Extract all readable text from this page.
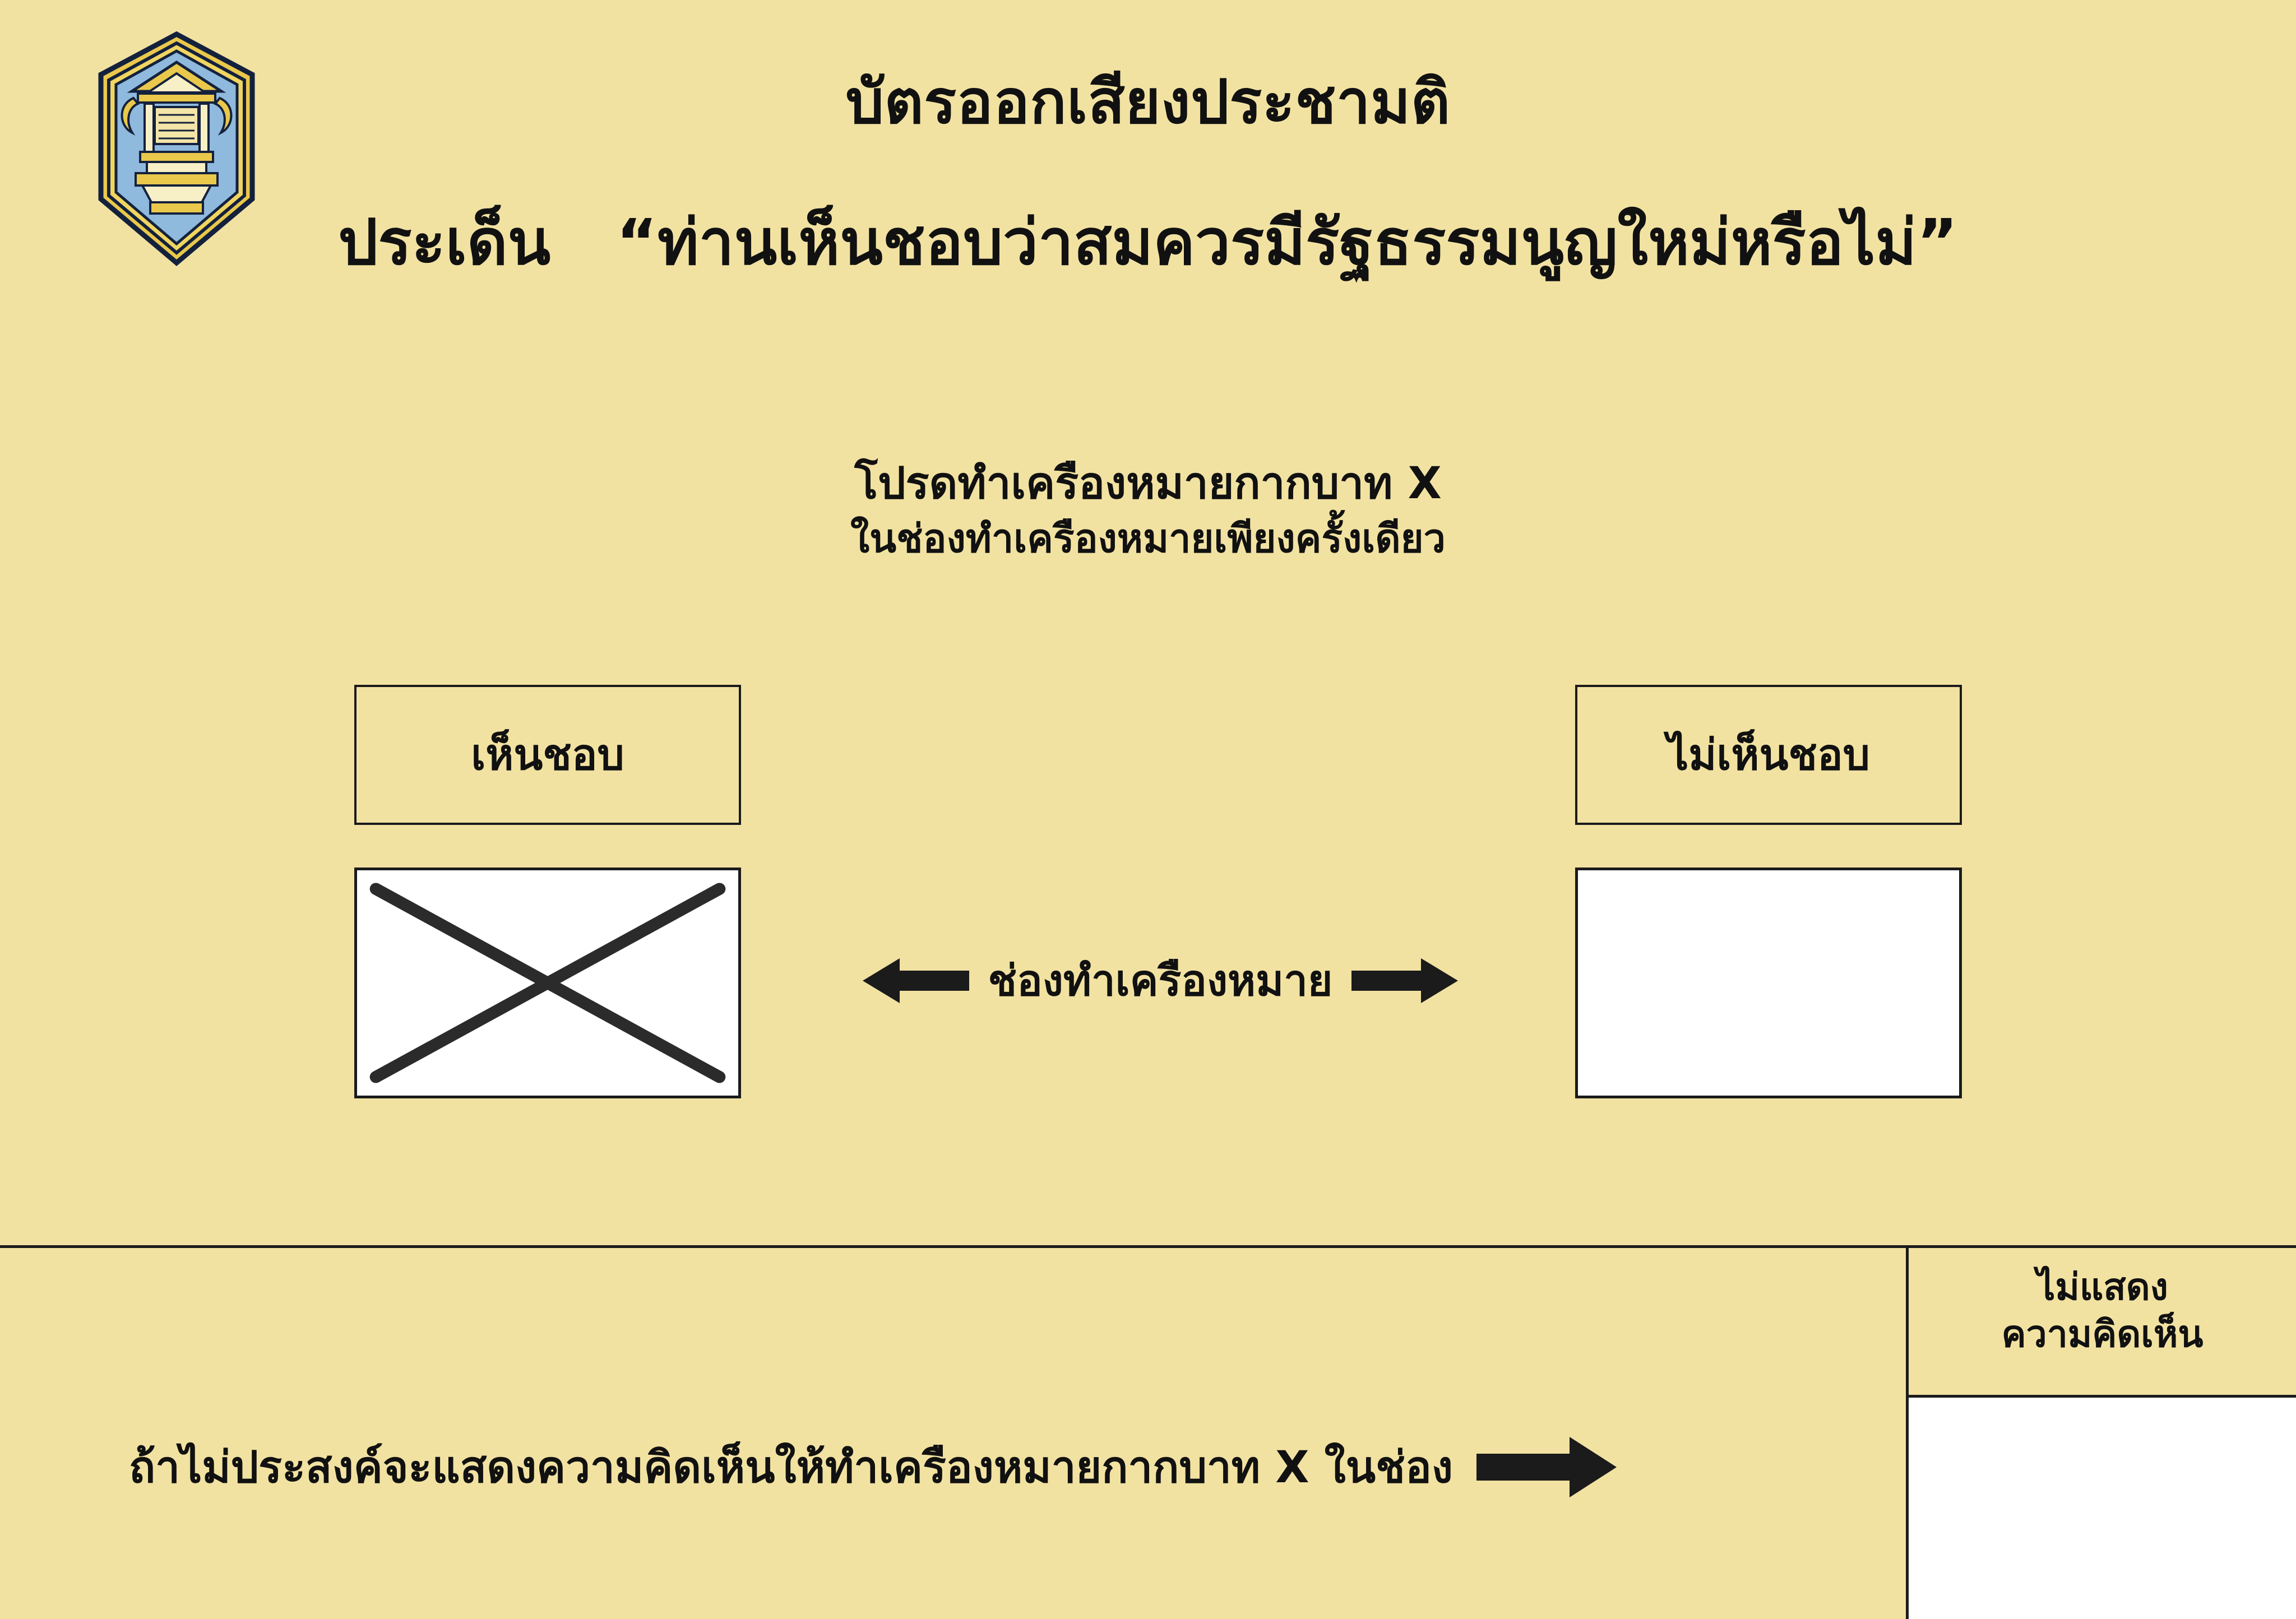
บัตรออกเสียงประชามติ
ประเด็น “ท่านเห็นชอบว่าสมควรมีรัฐธรรมนูญใหม่หรือไม่”
โปรดทำเครืองหมายกากบาท X
ในช่องทำเครืองหมายเพียงครั้งเดียว
เห็นชอบ	ไม่เห็นชอบ
ช่องทำเครืองหมาย
ถ้าไม่ประสงค์จะแสดงความคิดเห็นให้ทำเครืองหมายกากบาท X ในช่อง
ไม่แสดง
ความคิดเห็น
